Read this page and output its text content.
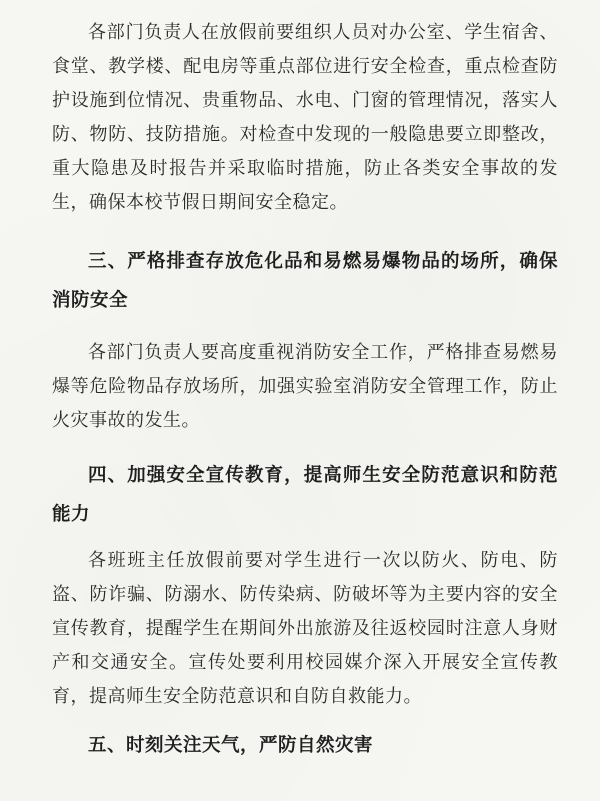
各部门负责人在放假前要组织人员对办公室、学生宿舍、食堂、教学楼、配电房等重点部位进行安全检查，重点检查防护设施到位情况、贵重物品、水电、门窗的管理情况，落实人防、物防、技防措施。对检查中发现的一般隐患要立即整改，重大隐患及时报告并采取临时措施，防止各类安全事故的发生，确保本校节假日期间安全稳定。

三、严格排查存放危化品和易燃易爆物品的场所，确保消防安全

各部门负责人要高度重视消防安全工作，严格排查易燃易爆等危险物品存放场所，加强实验室消防安全管理工作，防止火灾事故的发生。

四、加强安全宣传教育，提高师生安全防范意识和防范能力

各班班主任放假前要对学生进行一次以防火、防电、防盗、防诈骗、防溺水、防传染病、防破坏等为主要内容的安全宣传教育，提醒学生在期间外出旅游及往返校园时注意人身财产和交通安全。宣传处要利用校园媒介深入开展安全宣传教育，提高师生安全防范意识和自防自救能力。

五、时刻关注天气，严防自然灾害
